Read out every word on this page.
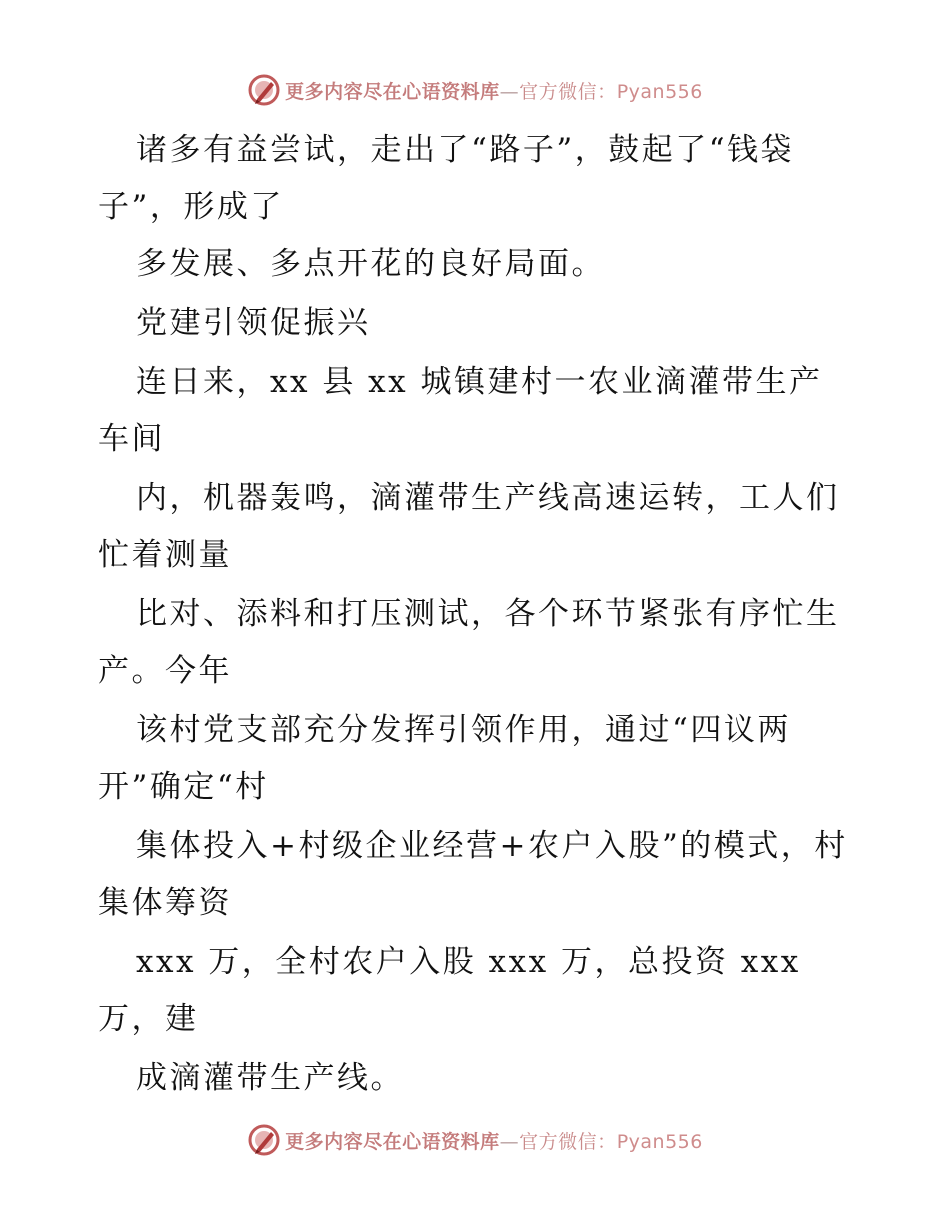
更多内容尽在心语资料库—官方微信：Pyan556
诸多有益尝试，走出了“路子”，鼓起了“钱袋
子”，形成了
多发展、多点开花的良好局面。
党建引领促振兴
连日来，xx 县 xx 城镇建村一农业滴灌带生产
车间
内，机器轰鸣，滴灌带生产线高速运转，工人们
忙着测量
比对、添料和打压测试，各个环节紧张有序忙生
产。今年
该村党支部充分发挥引领作用，通过“四议两
开”确定“村
集体投入+村级企业经营+农户入股”的模式，村
集体筹资
xxx 万，全村农户入股 xxx 万，总投资 xxx
万，建
成滴灌带生产线。
更多内容尽在心语资料库—官方微信：Pyan556
